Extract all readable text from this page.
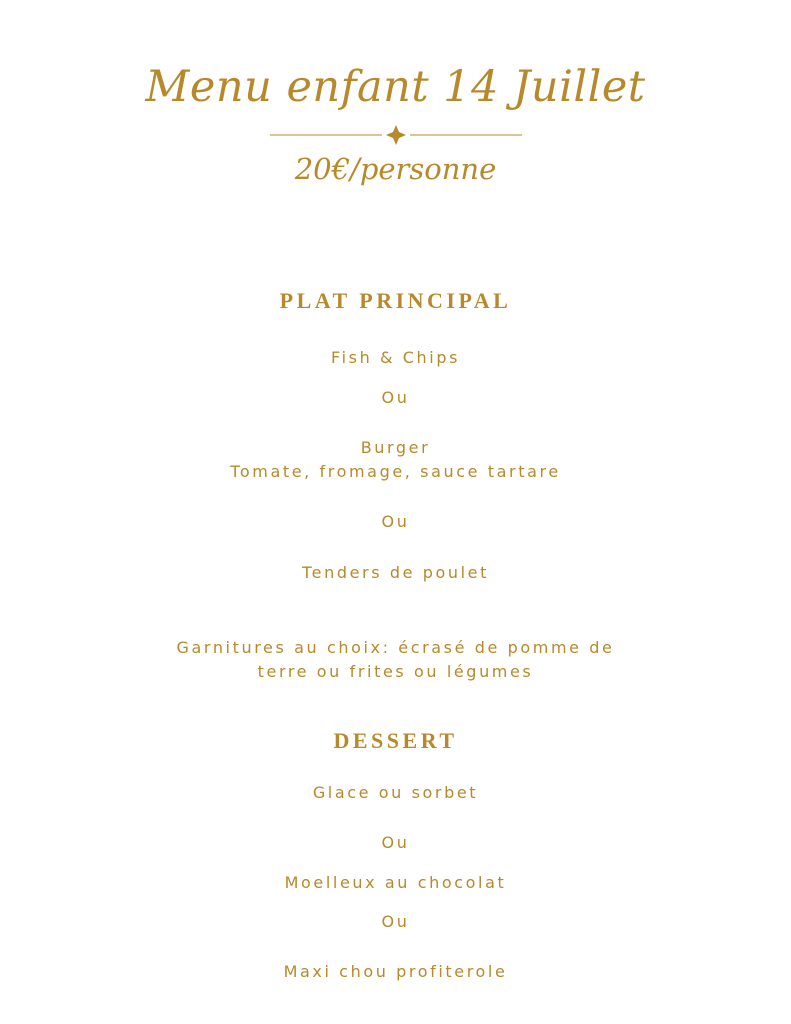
Menu enfant 14 Juillet
20€/personne
PLAT PRINCIPAL
Fish & Chips
Ou
Burger
Tomate, fromage, sauce tartare
Ou
Tenders de poulet
Garnitures au choix: écrasé de pomme de
terre ou frites ou légumes
DESSERT
Glace ou sorbet
Ou
Moelleux au chocolat
Ou
Maxi chou profiterole
